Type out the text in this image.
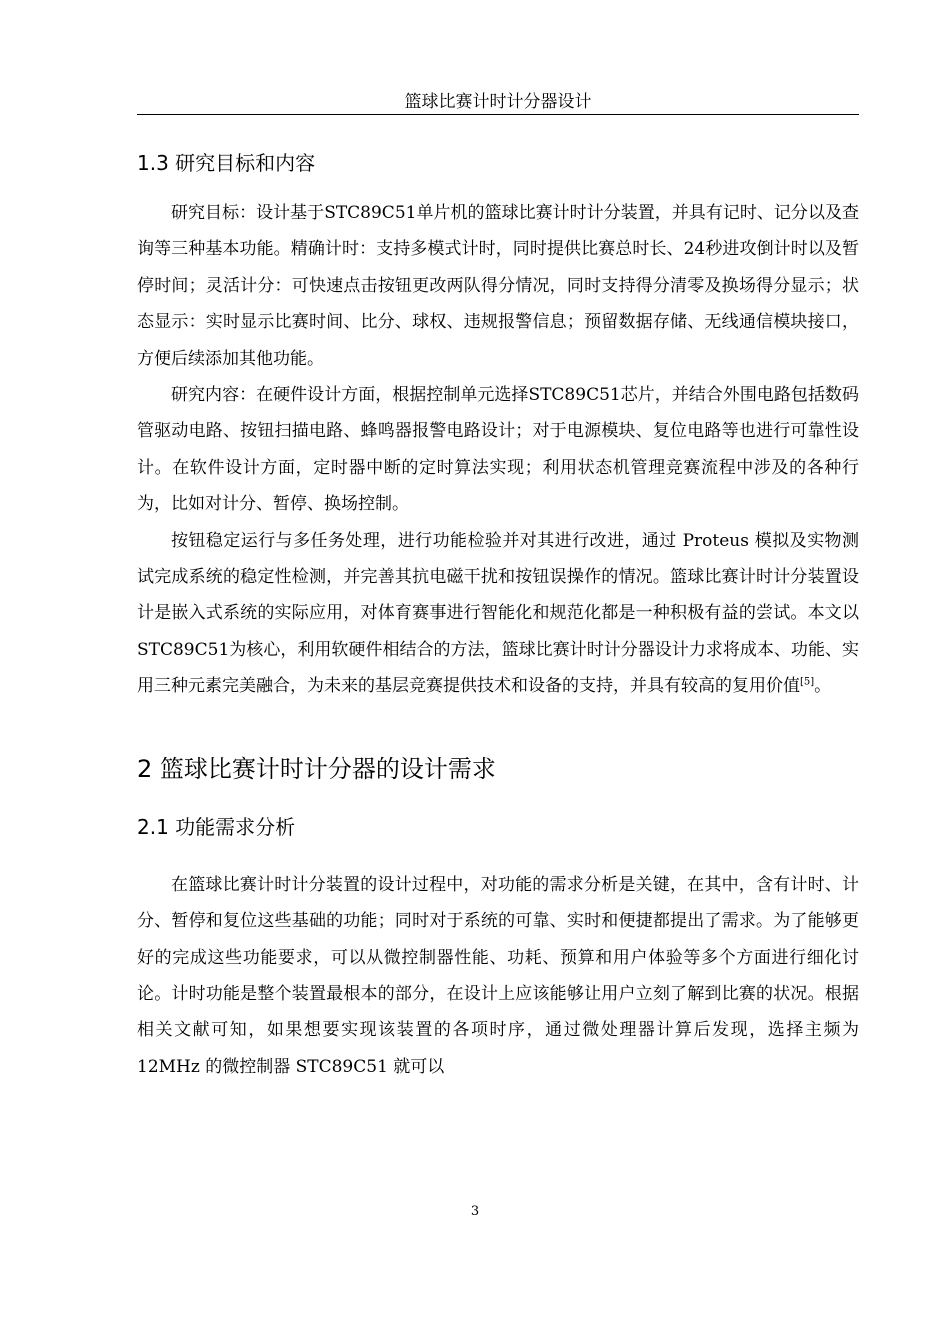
篮球比赛计时计分器设计
1.3 研究目标和内容

研究目标：设计基于STC89C51单片机的篮球比赛计时计分装置，并具有记时、记分以及查询等三种基本功能。精确计时：支持多模式计时，同时提供比赛总时长、24秒进攻倒计时以及暂停时间；灵活计分：可快速点击按钮更改两队得分情况，同时支持得分清零及换场得分显示；状态显示：实时显示比赛时间、比分、球权、违规报警信息；预留数据存储、无线通信模块接口，方便后续添加其他功能。

研究内容：在硬件设计方面，根据控制单元选择STC89C51芯片，并结合外围电路包括数码管驱动电路、按钮扫描电路、蜂鸣器报警电路设计；对于电源模块、复位电路等也进行可靠性设计。在软件设计方面，定时器中断的定时算法实现；利用状态机管理竞赛流程中涉及的各种行为，比如对计分、暂停、换场控制。

按钮稳定运行与多任务处理，进行功能检验并对其进行改进，通过 Proteus 模拟及实物测试完成系统的稳定性检测，并完善其抗电磁干扰和按钮误操作的情况。篮球比赛计时计分装置设计是嵌入式系统的实际应用，对体育赛事进行智能化和规范化都是一种积极有益的尝试。本文以STC89C51为核心，利用软硬件相结合的方法，篮球比赛计时计分器设计力求将成本、功能、实用三种元素完美融合，为未来的基层竞赛提供技术和设备的支持，并具有较高的复用价值[5]。

2 篮球比赛计时计分器的设计需求
2.1 功能需求分析

在篮球比赛计时计分装置的设计过程中，对功能的需求分析是关键，在其中，含有计时、计分、暂停和复位这些基础的功能；同时对于系统的可靠、实时和便捷都提出了需求。为了能够更好的完成这些功能要求，可以从微控制器性能、功耗、预算和用户体验等多个方面进行细化讨论。计时功能是整个装置最根本的部分，在设计上应该能够让用户立刻了解到比赛的状况。根据相关文献可知，如果想要实现该装置的各项时序，通过微处理器计算后发现，选择主频为 12MHz 的微控制器 STC89C51 就可以

3
